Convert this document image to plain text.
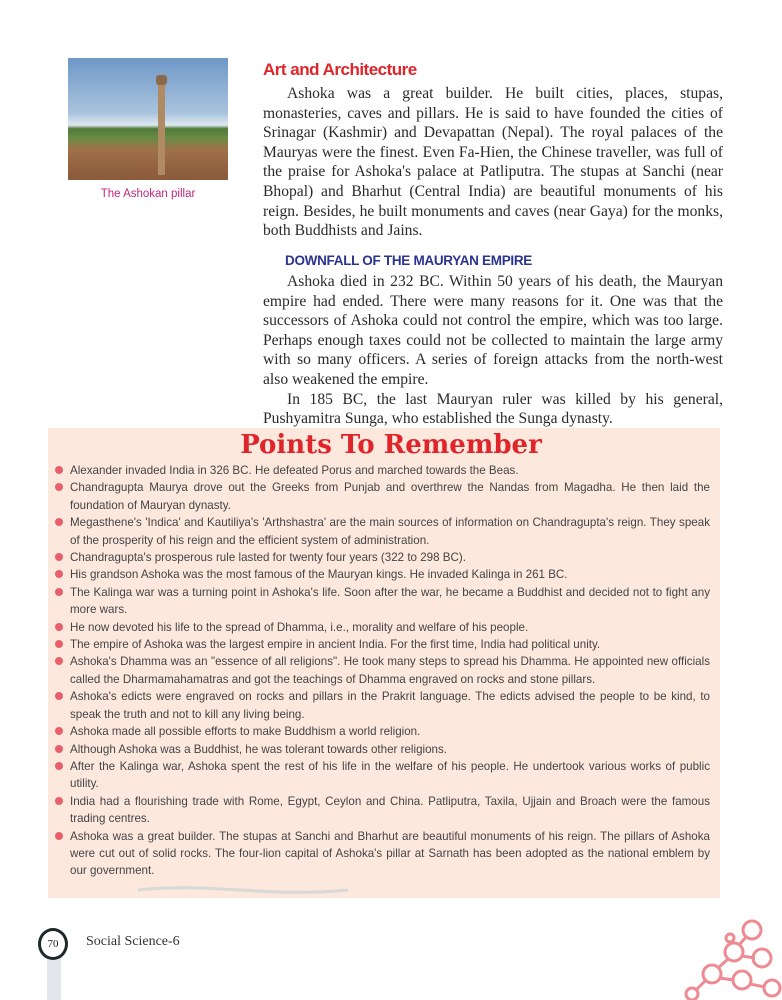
The Ashokan pillar
Art and Architecture

Ashoka was a great builder. He built cities, places, stupas, monasteries, caves and pillars. He is said to have founded the cities of Srinagar (Kashmir) and Devapattan (Nepal). The royal palaces of the Mauryas were the finest. Even Fa-Hien, the Chinese traveller, was full of the praise for Ashoka's palace at Patliputra. The stupas at Sanchi (near Bhopal) and Bharhut (Central India) are beautiful monuments of his reign. Besides, he built monuments and caves (near Gaya) for the monks, both Buddhists and Jains.

DOWNFALL OF THE MAURYAN EMPIRE

Ashoka died in 232 BC. Within 50 years of his death, the Mauryan empire had ended. There were many reasons for it. One was that the successors of Ashoka could not control the empire, which was too large. Perhaps enough taxes could not be collected to maintain the large army with so many officers. A series of foreign attacks from the north-west also weakened the empire.

In 185 BC, the last Mauryan ruler was killed by his general, Pushyamitra Sunga, who established the Sunga dynasty.

Points To Remember
Alexander invaded India in 326 BC. He defeated Porus and marched towards the Beas.
Chandragupta Maurya drove out the Greeks from Punjab and overthrew the Nandas from Magadha. He then laid the foundation of Mauryan dynasty.
Megasthene's 'Indica' and Kautiliya's 'Arthshastra' are the main sources of information on Chandragupta's reign. They speak of the prosperity of his reign and the efficient system of administration.
Chandragupta's prosperous rule lasted for twenty four years (322 to 298 BC).
His grandson Ashoka was the most famous of the Mauryan kings. He invaded Kalinga in 261 BC.
The Kalinga war was a turning point in Ashoka's life. Soon after the war, he became a Buddhist and decided not to fight any more wars.
He now devoted his life to the spread of Dhamma, i.e., morality and welfare of his people.
The empire of Ashoka was the largest empire in ancient India. For the first time, India had political unity.
Ashoka's Dhamma was an "essence of all religions". He took many steps to spread his Dhamma. He appointed new officials called the Dharmamahamatras and got the teachings of Dhamma engraved on rocks and stone pillars.
Ashoka's edicts were engraved on rocks and pillars in the Prakrit language. The edicts advised the people to be kind, to speak the truth and not to kill any living being.
Ashoka made all possible efforts to make Buddhism a world religion.
Although Ashoka was a Buddhist, he was tolerant towards other religions.
After the Kalinga war, Ashoka spent the rest of his life in the welfare of his people. He undertook various works of public utility.
India had a flourishing trade with Rome, Egypt, Ceylon and China. Patliputra, Taxila, Ujjain and Broach were the famous trading centres.
Ashoka was a great builder. The stupas at Sanchi and Bharhut are beautiful monuments of his reign. The pillars of Ashoka were cut out of solid rocks. The four-lion capital of Ashoka's pillar at Sarnath has been adopted as the national emblem by our government.
70	Social Science-6
